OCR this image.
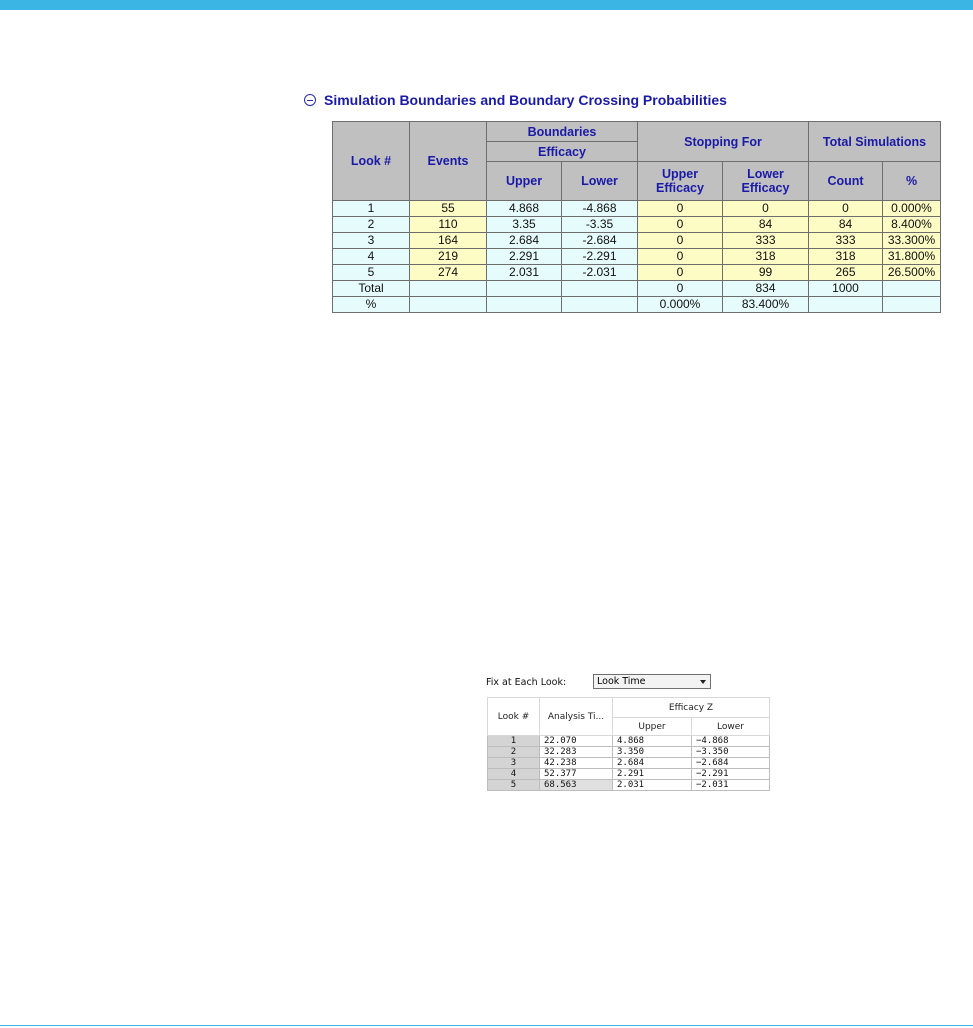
Simulation Boundaries and Boundary Crossing Probabilities
Look #	Events	Boundaries		Stopping For		Total Simulations	
		Efficacy					
		Upper	Lower	Upper Efficacy	Lower Efficacy	Count	%
1	55	4.868	-4.868	0	0	0	0.000%
2	110	3.35	-3.35	0	84	84	8.400%
3	164	2.684	-2.684	0	333	333	33.300%
4	219	2.291	-2.291	0	318	318	31.800%
5	274	2.031	-2.031	0	99	265	26.500%
Total				0	834	1000	
%				0.000%	83.400%		
Fix at Each Look:	Look Time
Look #	Analysis Ti...	Efficacy Z	
		Upper	Lower
1	22.070	4.868	−4.868
2	32.283	3.350	−3.350
3	42.238	2.684	−2.684
4	52.377	2.291	−2.291
5	68.563	2.031	−2.031
